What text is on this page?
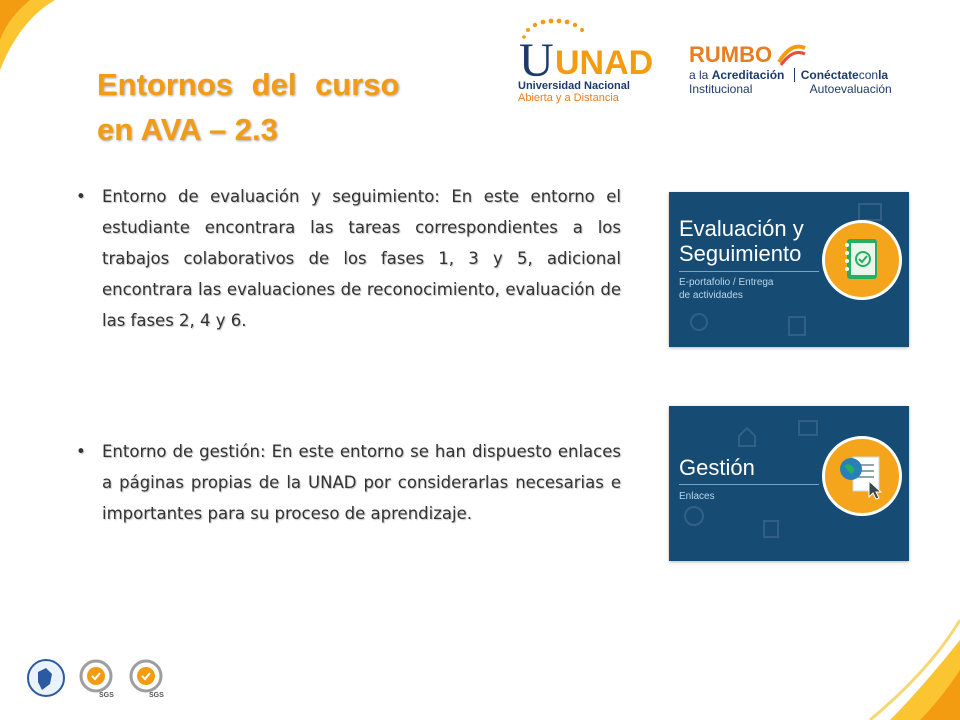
Entornos del curso
en AVA – 2.3
U UNAD
Universidad Nacional
Abierta y a Distancia
RUMBO
a la Acreditación Conéctateconla
Institucional	Autoevaluación
• Entorno de evaluación y seguimiento: En este entorno el estudiante encontrara las tareas correspondientes a los trabajos colaborativos de los fases 1, 3 y 5, adicional encontrara las evaluaciones de reconocimiento, evaluación de las fases 2, 4 y 6.
• Entorno de gestión: En este entorno se han dispuesto enlaces a páginas propias de la UNAD por considerarlas necesarias e importantes para su proceso de aprendizaje.
Evaluación y
Seguimiento
E-portafolio / Entrega
de actividades
Gestión
Enlaces
SGS	SGS
